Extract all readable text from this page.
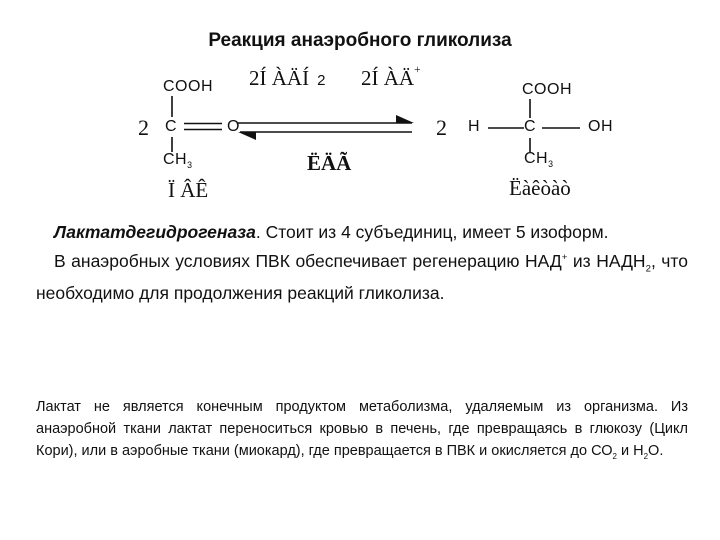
Реакция анаэробного гликолиза
COOH
2 C	O
$CH_3$
Ï ÂÊ
2Í ÀÄÍ 2 2Í ÀÄ+
ËÄÃ
COOH
2 H	C	OH
$CH_3$
Ëàêòàò
Лактатдегидрогеназа. Стоит из 4 субъединиц, имеет 5 изоформ.
В анаэробных условиях ПВК обеспечивает регенерацию НАД+ из $НАДН_2$, что необходимо для продолжения реакций гликолиза.
Лактат не является конечным продуктом метаболизма, удаляемым из организма. Из анаэробной ткани лактат переноситься кровью в печень, где превращаясь в глюкозу (Цикл Кори), или в аэробные ткани (миокард), где превращается в ПВК и окисляется до $СО_2$ и $Н_2О$.
